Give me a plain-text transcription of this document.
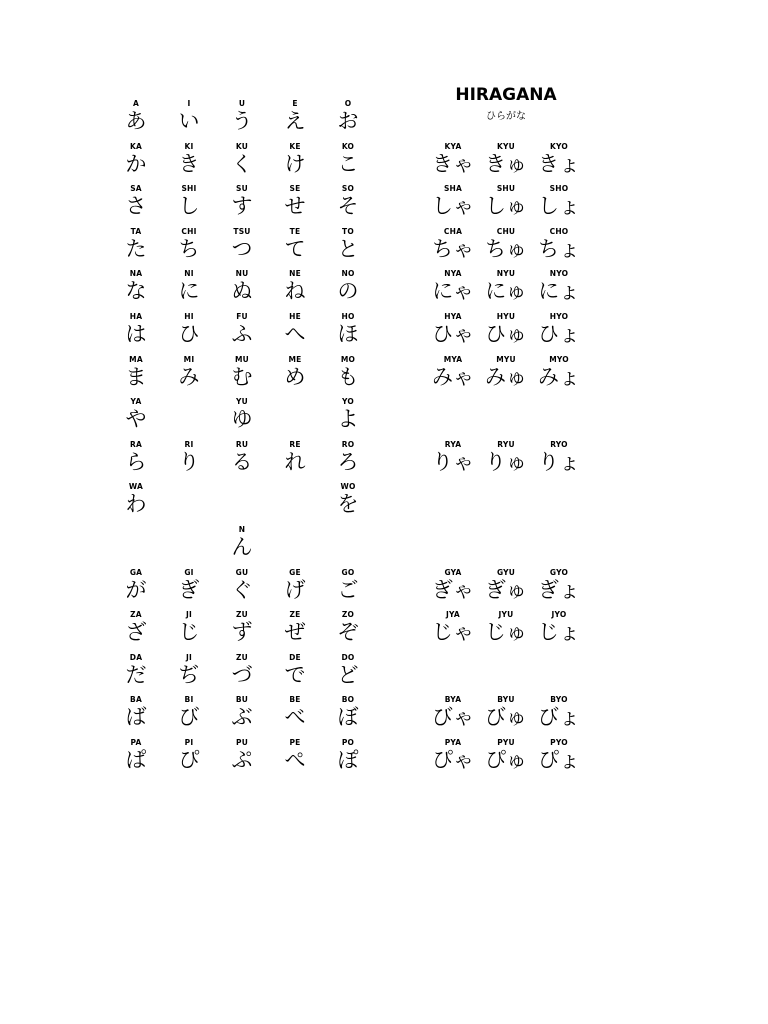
HIRAGANA
ひらがな
A
あ
I
い
U
う
E
え
O
お
KA
か
KI
き
KU
く
KE
け
KO
こ
SA
さ
SHI
し
SU
す
SE
せ
SO
そ
TA
た
CHI
ち
TSU
つ
TE
て
TO
と
NA
な
NI
に
NU
ぬ
NE
ね
NO
の
HA
は
HI
ひ
FU
ふ
HE
へ
HO
ほ
MA
ま
MI
み
MU
む
ME
め
MO
も
YA
や
YU
ゆ
YO
よ
RA
ら
RI
り
RU
る
RE
れ
RO
ろ
WA
わ
WO
を
N
ん
GA
が
GI
ぎ
GU
ぐ
GE
げ
GO
ご
ZA
ざ
JI
じ
ZU
ず
ZE
ぜ
ZO
ぞ
DA
だ
JI
ぢ
ZU
づ
DE
で
DO
ど
BA
ば
BI
び
BU
ぶ
BE
べ
BO
ぼ
PA
ぱ
PI
ぴ
PU
ぷ
PE
ぺ
PO
ぽ
KYA
きゃ
KYU
きゅ
KYO
きょ
SHA
しゃ
SHU
しゅ
SHO
しょ
CHA
ちゃ
CHU
ちゅ
CHO
ちょ
NYA
にゃ
NYU
にゅ
NYO
にょ
HYA
ひゃ
HYU
ひゅ
HYO
ひょ
MYA
みゃ
MYU
みゅ
MYO
みょ
RYA
りゃ
RYU
りゅ
RYO
りょ
GYA
ぎゃ
GYU
ぎゅ
GYO
ぎょ
JYA
じゃ
JYU
じゅ
JYO
じょ
BYA
びゃ
BYU
びゅ
BYO
びょ
PYA
ぴゃ
PYU
ぴゅ
PYO
ぴょ
